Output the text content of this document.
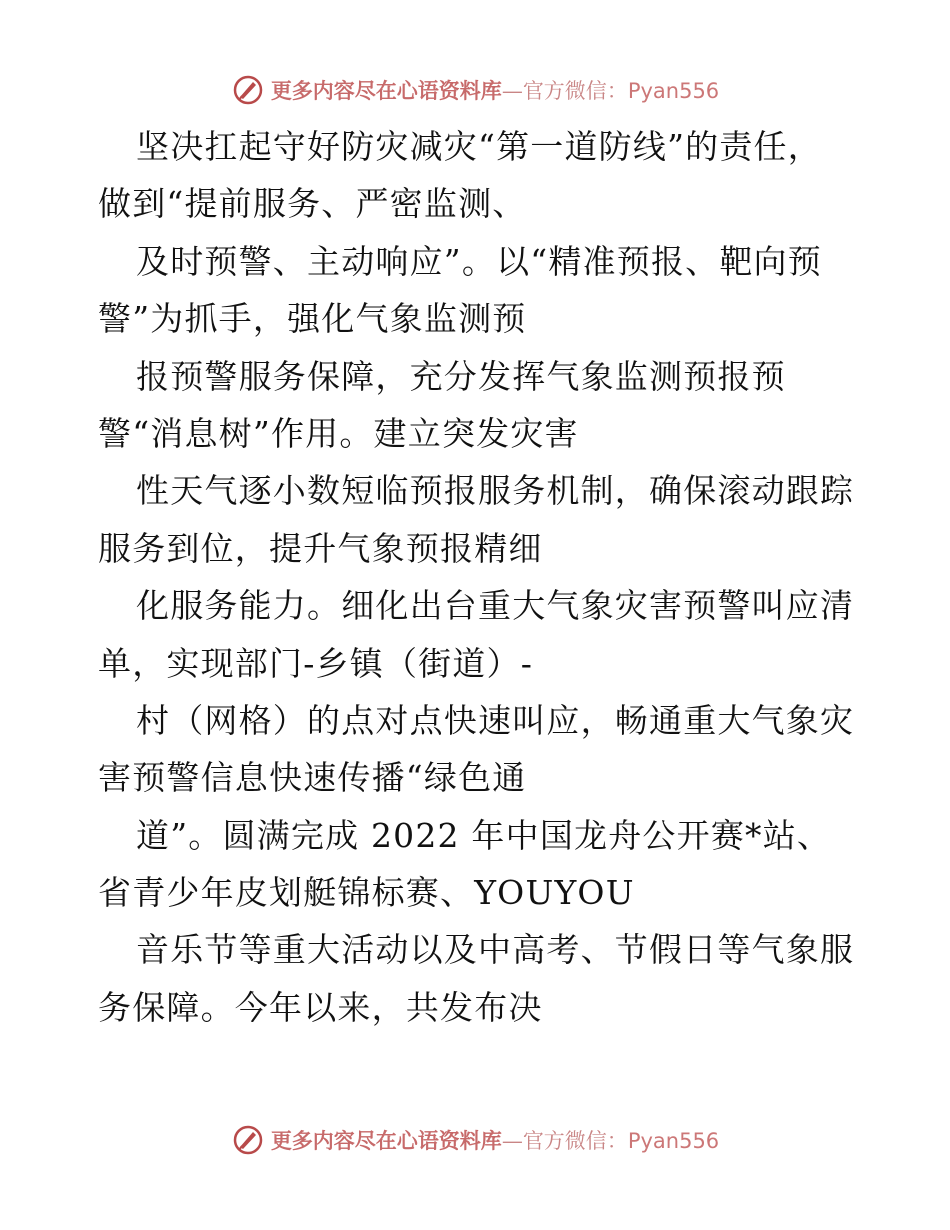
更多内容尽在心语资料库—官方微信：Pyan556
坚决扛起守好防灾减灾“第一道防线”的责任，
做到“提前服务、严密监测、
及时预警、主动响应”。以“精准预报、靶向预
警”为抓手，强化气象监测预
报预警服务保障，充分发挥气象监测预报预
警“消息树”作用。建立突发灾害
性天气逐小数短临预报服务机制，确保滚动跟踪
服务到位，提升气象预报精细
化服务能力。细化出台重大气象灾害预警叫应清
单，实现部门-乡镇（街道）-
村（网格）的点对点快速叫应，畅通重大气象灾
害预警信息快速传播“绿色通
道”。圆满完成 2022 年中国龙舟公开赛*站、
省青少年皮划艇锦标赛、YOUYOU
音乐节等重大活动以及中高考、节假日等气象服
务保障。今年以来，共发布决
更多内容尽在心语资料库—官方微信：Pyan556
